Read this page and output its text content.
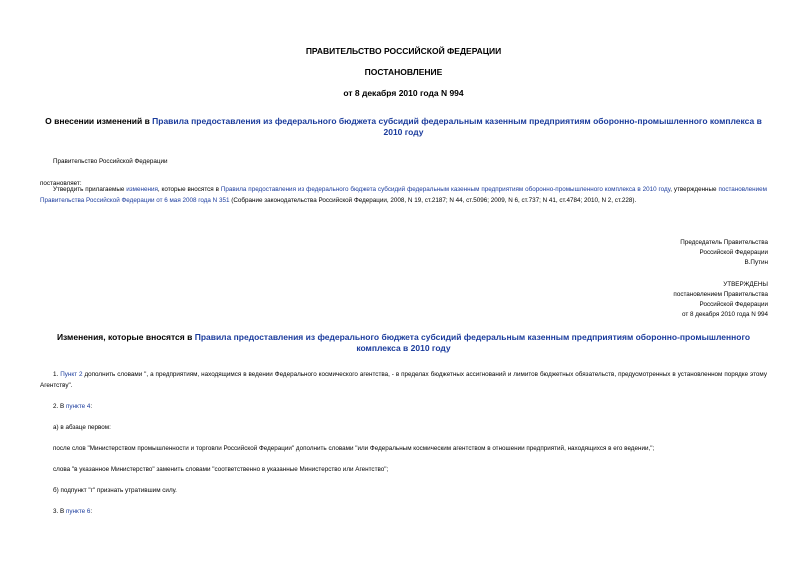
ПРАВИТЕЛЬСТВО РОССИЙСКОЙ ФЕДЕРАЦИИ
ПОСТАНОВЛЕНИЕ
от 8 декабря 2010 года N 994
О внесении изменений в Правила предоставления из федерального бюджета субсидий федеральным казенным предприятиям оборонно-промышленного комплекса в 2010 году
Правительство Российской Федерации
постановляет:
Утвердить прилагаемые изменения, которые вносятся в Правила предоставления из федерального бюджета субсидий федеральным казенным предприятиям оборонно-промышленного комплекса в 2010 году, утвержденные постановлением Правительства Российской Федерации от 6 мая 2008 года N 351 (Собрание законодательства Российской Федерации, 2008, N 19, ст.2187; N 44, ст.5096; 2009, N 6, ст.737; N 41, ст.4784; 2010, N 2, ст.228).
Председатель Правительства
Российской Федерации
В.Путин
УТВЕРЖДЕНЫ
постановлением Правительства
Российской Федерации
от 8 декабря 2010 года N 994
Изменения, которые вносятся в Правила предоставления из федерального бюджета субсидий федеральным казенным предприятиям оборонно-промышленного комплекса в 2010 году
1. Пункт 2 дополнить словами ", а предприятиям, находящимся в ведении Федерального космического агентства, - в пределах бюджетных ассигнований и лимитов бюджетных обязательств, предусмотренных в установленном порядке этому Агентству".
2. В пункте 4:
а) в абзаце первом:
после слов "Министерством промышленности и торговли Российской Федерации" дополнить словами "или Федеральным космическим агентством в отношении предприятий, находящихся в его ведении,";
слова "в указанное Министерство" заменить словами "соответственно в указанные Министерство или Агентство";
б) подпункт "г" признать утратившим силу.
3. В пункте 6:
